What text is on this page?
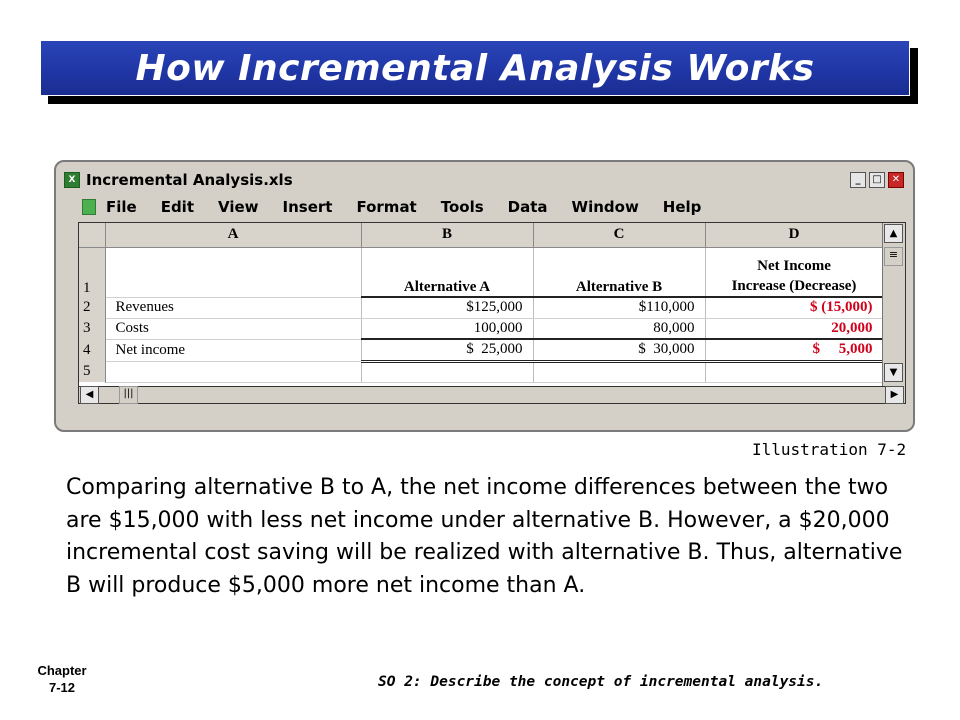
How Incremental Analysis Works
X Incremental Analysis.xls	_	□	✕
File Edit View Insert Format Tools Data Window Help
	A	B	C	D
1		Alternative A	Alternative B	Net Income
Increase (Decrease)

2	Revenues	$125,000	$110,000	$ (15,000)
3	Costs	100,000	80,000	20,000
4	Net income	$  25,000	$  30,000	$     5,000
5				
▲
≡
▼
◀	|||	▶
Illustration 7-2
Comparing alternative B to A, the net income differences between the two are $15,000 with less net income under alternative B. However, a $20,000 incremental cost saving will be realized with alternative B. Thus, alternative B will produce $5,000 more net income than A.
Chapter
7-12	SO 2: Describe the concept of incremental analysis.
